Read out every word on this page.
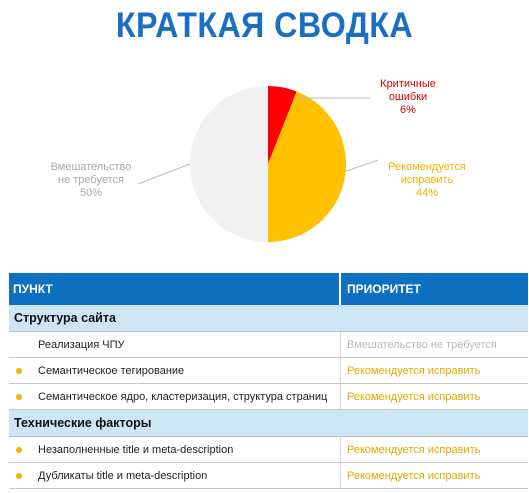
КРАТКАЯ СВОДКА
Критичные
ошибки
6%
Рекомендуется
исправить
44%
Вмешательство
не требуется
50%
ПУНКТ	ПРИОРИТЕТ
Структура сайта
Реализация ЧПУ	Вмешательство не требуется
Семантическое тегирование	Рекомендуется исправить
Семантическое ядро, кластеризация, структура страниц	Рекомендуется исправить
Технические факторы
Незаполненные title и meta-description	Рекомендуется исправить
Дубликаты title и meta-description	Рекомендуется исправить
